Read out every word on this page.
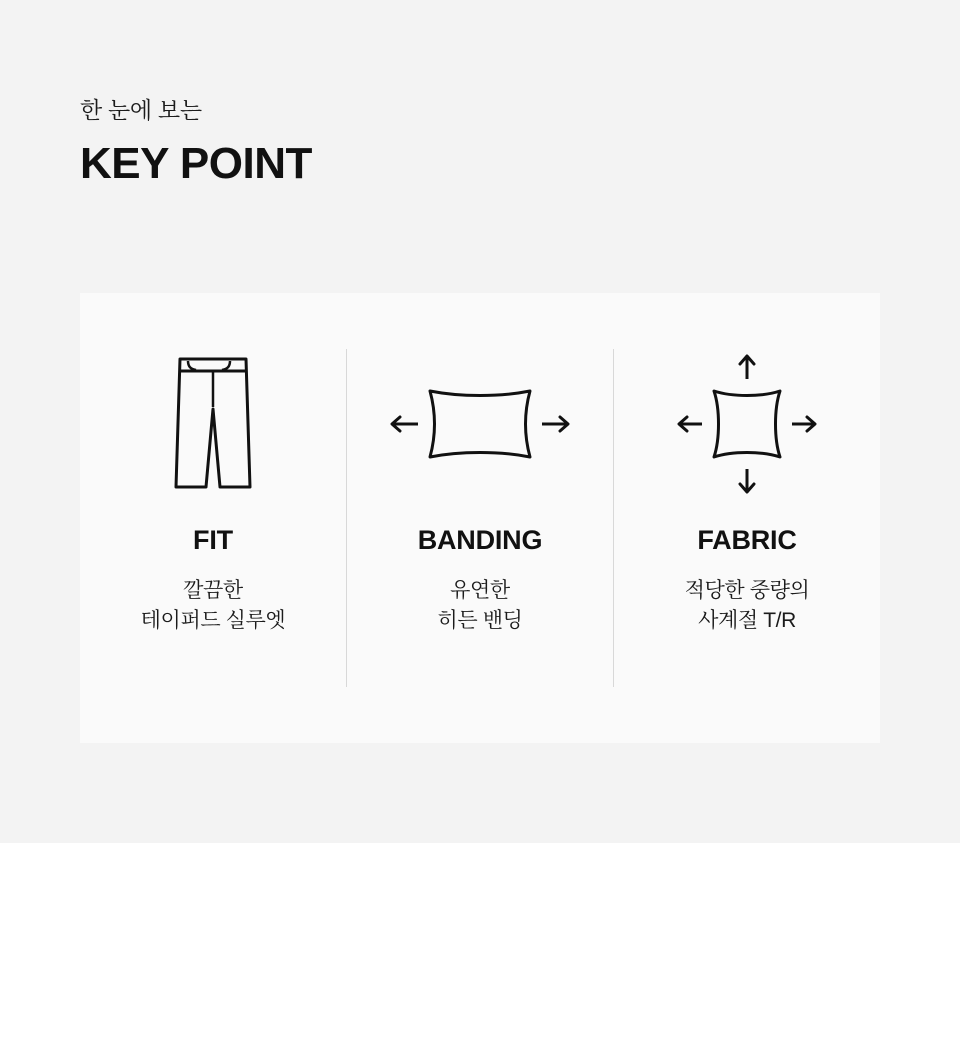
한 눈에 보는

KEY POINT
FIT
깔끔한
테이퍼드 실루엣
BANDING
유연한
히든 밴딩
FABRIC
적당한 중량의
사계절 T/R
